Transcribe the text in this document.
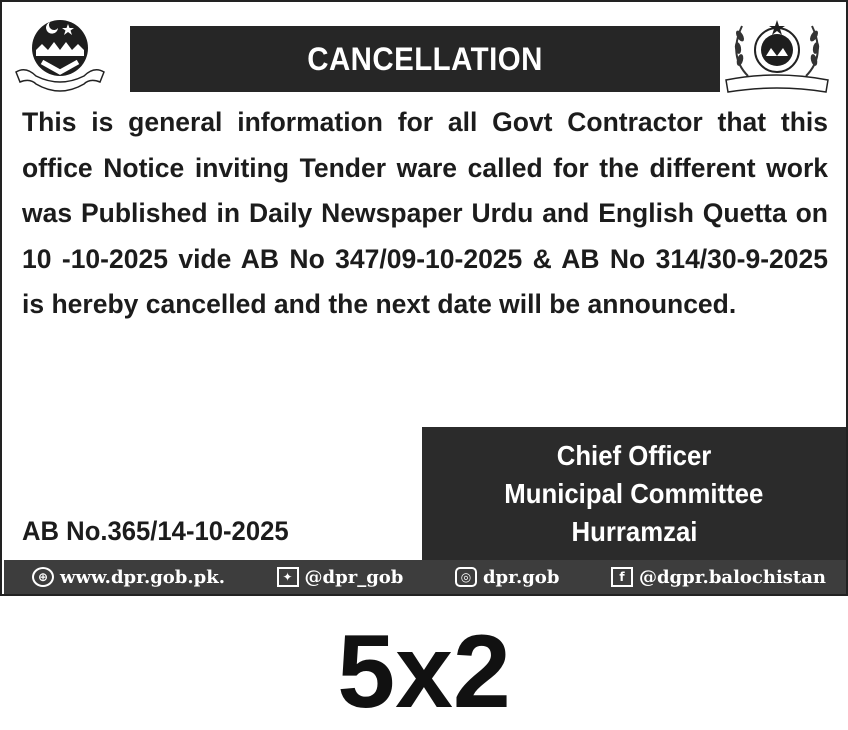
CANCELLATION
This is general information for all Govt Contractor that this office Notice inviting Tender ware called for the different work was Published in Daily Newspaper Urdu and English Quetta on 10 -10-2025 vide AB No 347/09-10-2025 & AB No 314/30-9-2025 is hereby cancelled and the next date will be announced.
Chief Officer
Municipal Committee
Hurramzai
AB No.365/14-10-2025
⊕ www.dpr.gob.pk.	✦ @dpr_gob	◎ dpr.gob	f @dgpr.balochistan
5x2
